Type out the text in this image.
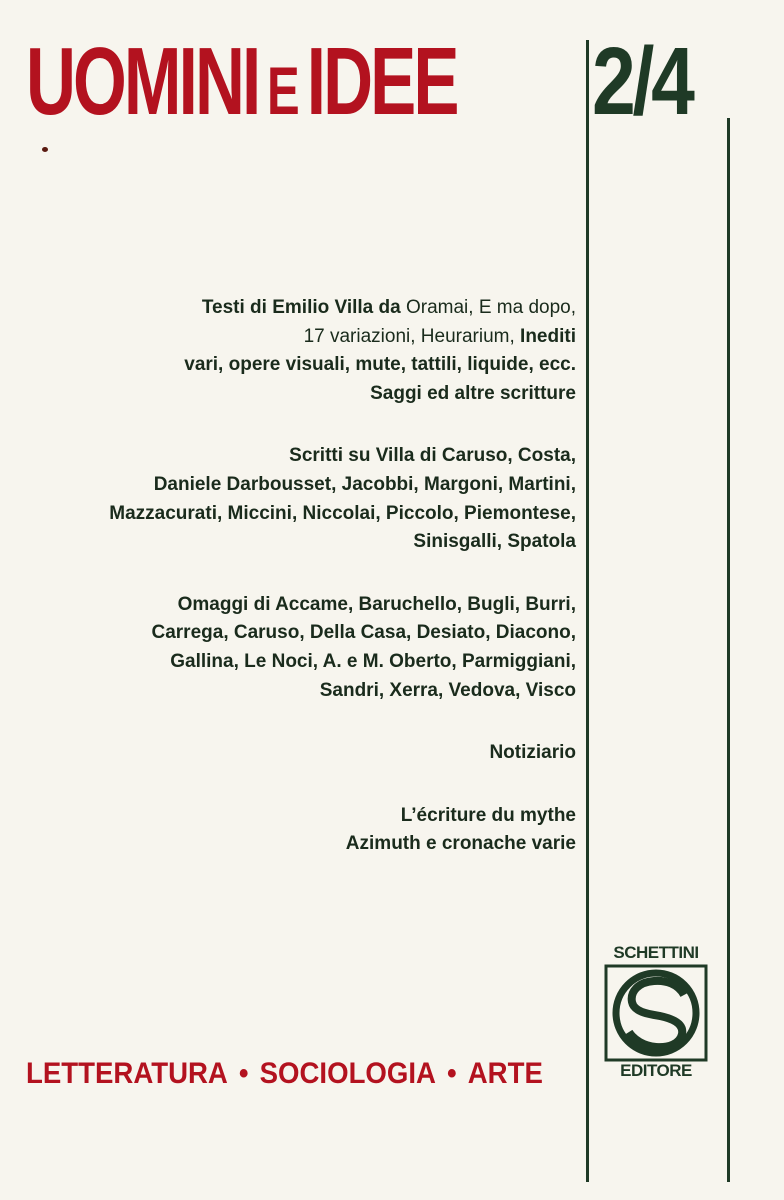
UOMINI EIDEE 2/4

Testi di Emilio Villa da Oramai, E ma dopo,
17 variazioni, Heurarium, Inediti
vari, opere visuali, mute, tattili, liquide, ecc.
Saggi ed altre scritture

Scritti su Villa di Caruso, Costa,
Daniele Darbousset, Jacobbi, Margoni, Martini,
Mazzacurati, Miccini, Niccolai, Piccolo, Piemontese,
Sinisgalli, Spatola

Omaggi di Accame, Baruchello, Bugli, Burri,
Carrega, Caruso, Della Casa, Desiato, Diacono,
Gallina, Le Noci, A. e M. Oberto, Parmiggiani,
Sandri, Xerra, Vedova, Visco

Notiziario

L’écriture du mythe
Azimuth e cronache varie

LETTERATURA • SOCIOLOGIA • ARTE
SCHETTINI
EDITORE
